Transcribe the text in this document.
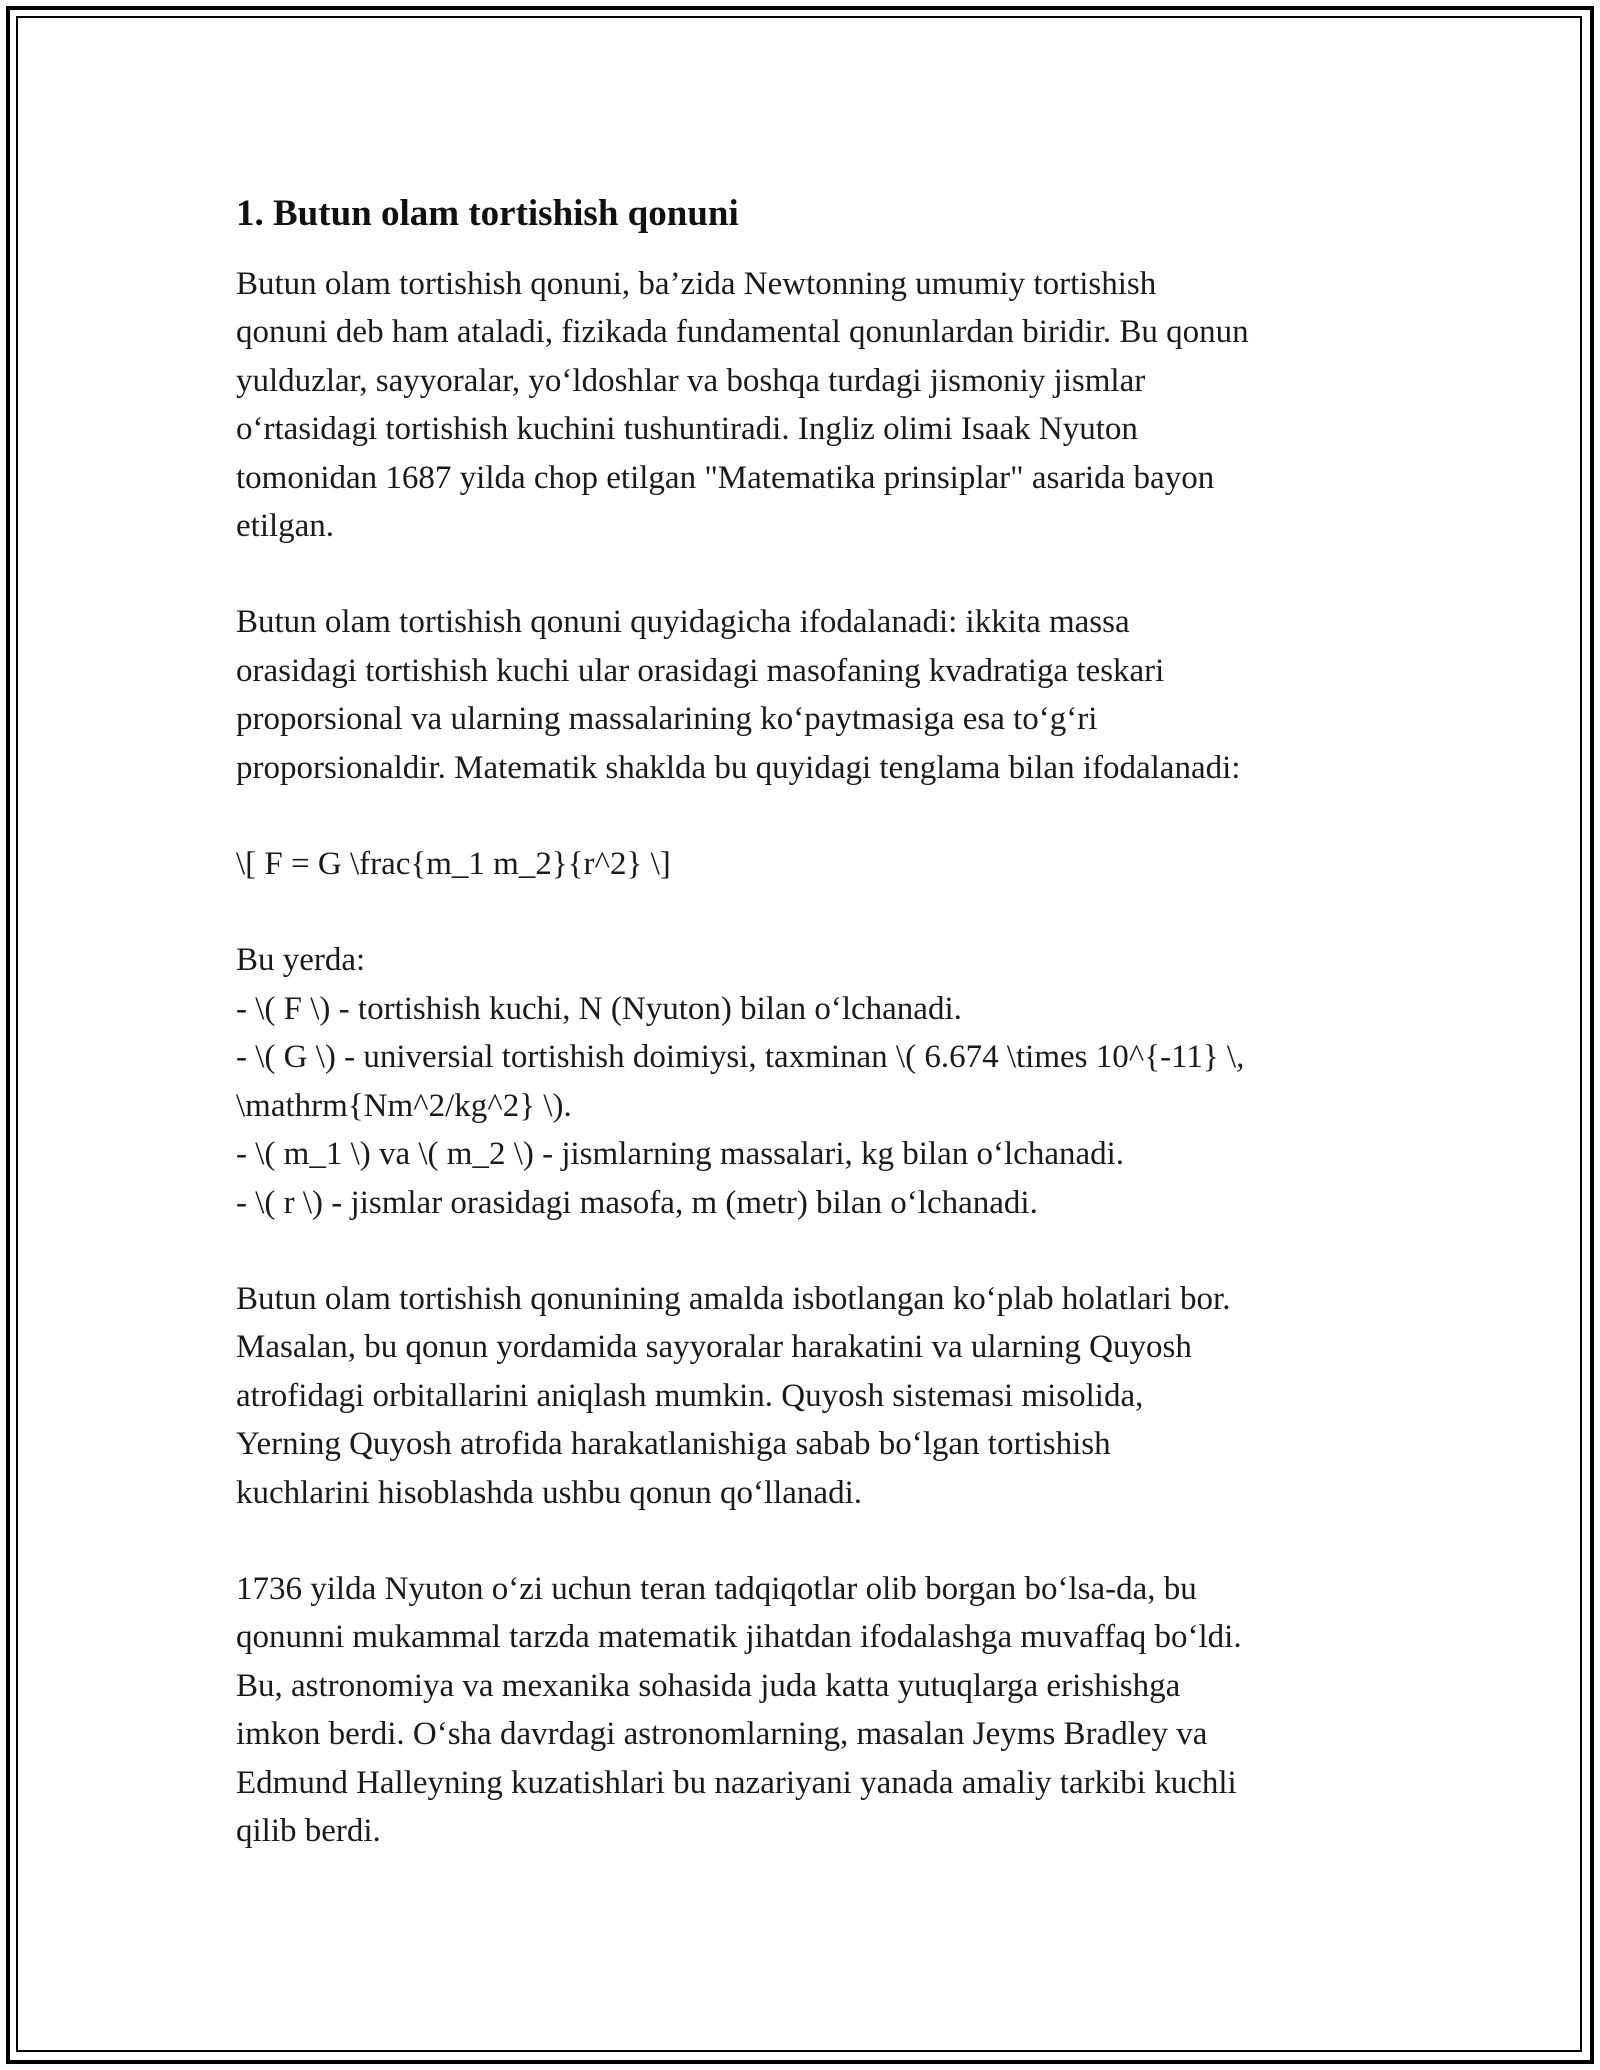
1. Butun olam tortishish qonuni

Butun olam tortishish qonuni, ba’zida Newtonning umumiy tortishish
qonuni deb ham ataladi, fizikada fundamental qonunlardan biridir. Bu qonun
yulduzlar, sayyoralar, yo‘ldoshlar va boshqa turdagi jismoniy jismlar
o‘rtasidagi tortishish kuchini tushuntiradi. Ingliz olimi Isaak Nyuton
tomonidan 1687 yilda chop etilgan "Matematika prinsiplar" asarida bayon
etilgan.

Butun olam tortishish qonuni quyidagicha ifodalanadi: ikkita massa
orasidagi tortishish kuchi ular orasidagi masofaning kvadratiga teskari
proporsional va ularning massalarining ko‘paytmasiga esa to‘g‘ri
proporsionaldir. Matematik shaklda bu quyidagi tenglama bilan ifodalanadi:

\[ F = G \frac{m_1 m_2}{r^2} \]

Bu yerda:
- \( F \) - tortishish kuchi, N (Nyuton) bilan o‘lchanadi.
- \( G \) - universial tortishish doimiysi, taxminan \( 6.674 \times 10^{-11} \,
\mathrm{Nm^2/kg^2} \).
- \( m_1 \) va \( m_2 \) - jismlarning massalari, kg bilan o‘lchanadi.
- \( r \) - jismlar orasidagi masofa, m (metr) bilan o‘lchanadi.

Butun olam tortishish qonunining amalda isbotlangan ko‘plab holatlari bor.
Masalan, bu qonun yordamida sayyoralar harakatini va ularning Quyosh
atrofidagi orbitallarini aniqlash mumkin. Quyosh sistemasi misolida,
Yerning Quyosh atrofida harakatlanishiga sabab bo‘lgan tortishish
kuchlarini hisoblashda ushbu qonun qo‘llanadi.

1736 yilda Nyuton o‘zi uchun teran tadqiqotlar olib borgan bo‘lsa-da, bu
qonunni mukammal tarzda matematik jihatdan ifodalashga muvaffaq bo‘ldi.
Bu, astronomiya va mexanika sohasida juda katta yutuqlarga erishishga
imkon berdi. O‘sha davrdagi astronomlarning, masalan Jeyms Bradley va
Edmund Halleyning kuzatishlari bu nazariyani yanada amaliy tarkibi kuchli
qilib berdi.
